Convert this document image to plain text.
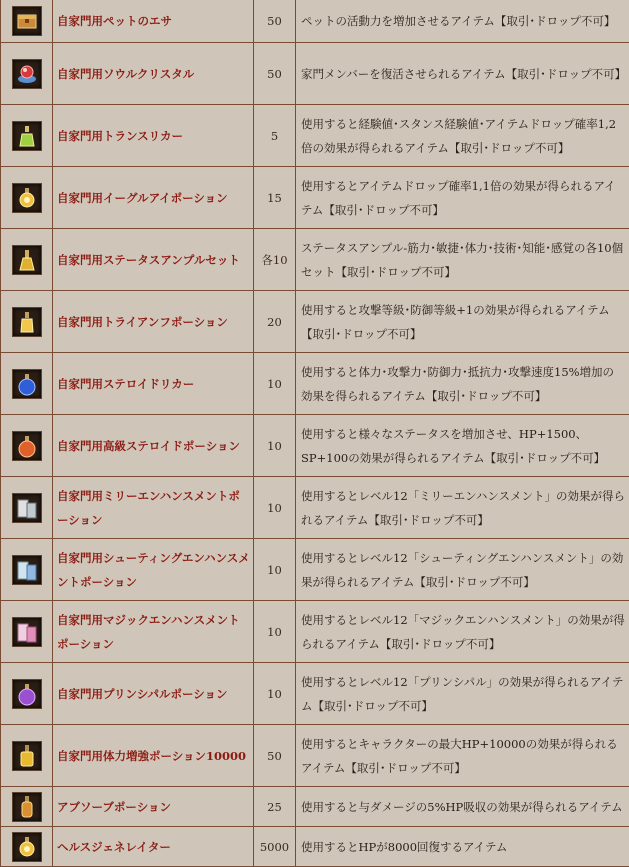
	自家門用ペットのエサ	50	ペットの活動力を増加させるアイテム【取引･ドロップ不可】

	自家門用ソウルクリスタル	50	家門メンバーを復活させられるアイテム【取引･ドロップ不可】

	自家門用トランスリカー	5	使用すると経験値･スタンス経験値･アイテムドロップ確率1,2倍の効果が得られるアイテム【取引･ドロップ不可】

	自家門用イーグルアイポーション	15	使用するとアイテムドロップ確率1,1倍の効果が得られるアイテム【取引･ドロップ不可】

	自家門用ステータスアンプルセット	各10	ステータスアンプル-筋力･敏捷･体力･技術･知能･感覚の各10個セット【取引･ドロップ不可】

	自家門用トライアンフポーション	20	使用すると攻撃等級･防御等級+1の効果が得られるアイテム【取引･ドロップ不可】

	自家門用ステロイドリカー	10	使用すると体力･攻撃力･防御力･抵抗力･攻撃速度15%増加の効果を得られるアイテム【取引･ドロップ不可】

	自家門用高級ステロイドポーション	10	使用すると様々なステータスを増加させ、HP+1500、SP+100の効果が得られるアイテム【取引･ドロップ不可】

	自家門用ミリーエンハンスメントポーション	10	使用するとレベル12「ミリーエンハンスメント」の効果が得られるアイテム【取引･ドロップ不可】

	自家門用シューティングエンハンスメントポーション	10	使用するとレベル12「シューティングエンハンスメント」の効果が得られるアイテム【取引･ドロップ不可】

	自家門用マジックエンハンスメントポーション	10	使用するとレベル12「マジックエンハンスメント」の効果が得られるアイテム【取引･ドロップ不可】

	自家門用プリンシパルポーション	10	使用するとレベル12「プリンシパル」の効果が得られるアイテム【取引･ドロップ不可】

	自家門用体力増強ポーション10000	50	使用するとキャラクターの最大HP+10000の効果が得られるアイテム【取引･ドロップ不可】

	アブソーブポーション	25	使用すると与ダメージの5%HP吸収の効果が得られるアイテム

	ヘルスジェネレイター	5000	使用するとHPが8000回復するアイテム
